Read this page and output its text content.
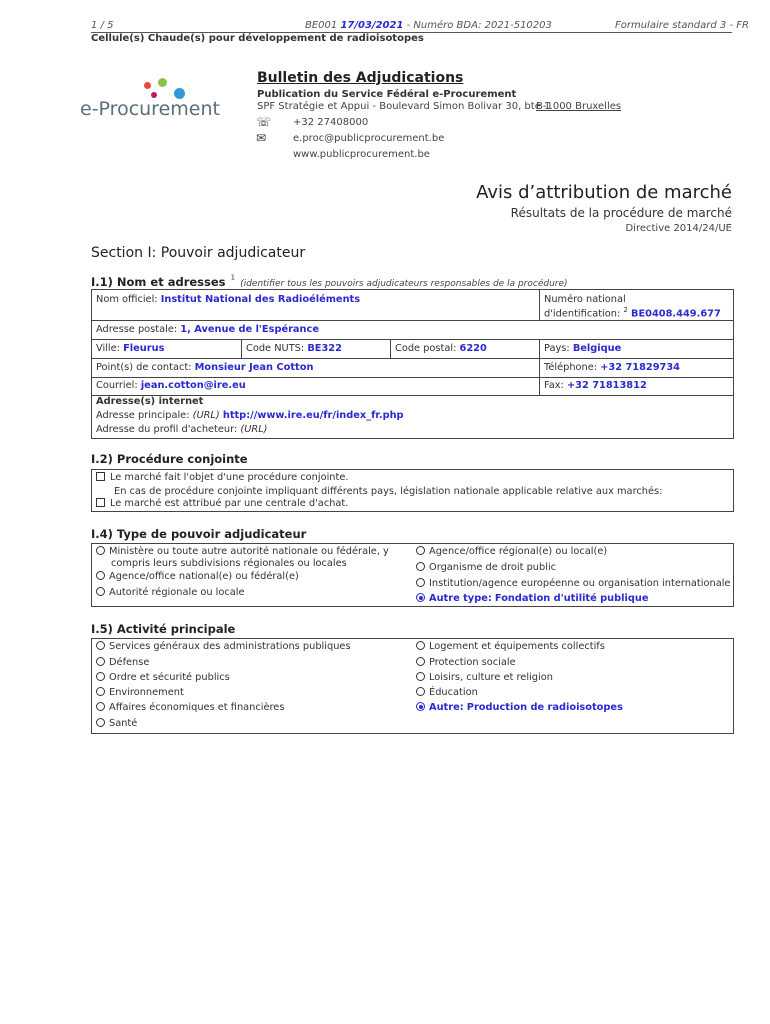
1 / 5	BE001 17/03/2021 - Numéro BDA: 2021-510203	Formulaire standard 3 - FR
Cellule(s) Chaude(s) pour développement de radioisotopes
e-Procurement
Bulletin des Adjudications
Publication du Service Fédéral e-Procurement
SPF Stratégie et Appui - Boulevard Simon Bolivar 30, bte 1
B-1000 Bruxelles
☏ +32 27408000
✉	e.proc@publicprocurement.be
www.publicprocurement.be
Avis d’attribution de marché
Résultats de la procédure de marché
Directive 2014/24/UE
Section I: Pouvoir adjudicateur
I.1) Nom et adresses $^1$ (identifier tous les pouvoirs adjudicateurs responsables de la procédure)
Nom officiel: Institut National des Radioéléments	Numéro national
d'identification: $^2$ BE0408.449.677
Adresse postale: 1, Avenue de l'Espérance
Ville: Fleurus	Code NUTS: BE322	Code postal: 6220	Pays: Belgique
Point(s) de contact: Monsieur Jean Cotton	Téléphone: +32 71829734
Courriel: jean.cotton@ire.eu	Fax: +32 71813812
Adresse(s) internet
Adresse principale: (URL) http://www.ire.eu/fr/index_fr.php
Adresse du profil d'acheteur: (URL)
I.2) Procédure conjointe
Le marché fait l'objet d'une procédure conjointe.
En cas de procédure conjointe impliquant différents pays, législation nationale applicable relative aux marchés:
Le marché est attribué par une centrale d'achat.
I.4) Type de pouvoir adjudicateur
Ministère ou toute autre autorité nationale ou fédérale, y
compris leurs subdivisions régionales ou locales
Agence/office national(e) ou fédéral(e)
Autorité régionale ou locale
Agence/office régional(e) ou local(e)
Organisme de droit public
Institution/agence européenne ou organisation internationale
Autre type: Fondation d'utilité publique
I.5) Activité principale
Services généraux des administrations publiques
Défense
Ordre et sécurité publics
Environnement
Affaires économiques et financières
Santé
Logement et équipements collectifs
Protection sociale
Loisirs, culture et religion
Éducation
Autre: Production de radioisotopes
